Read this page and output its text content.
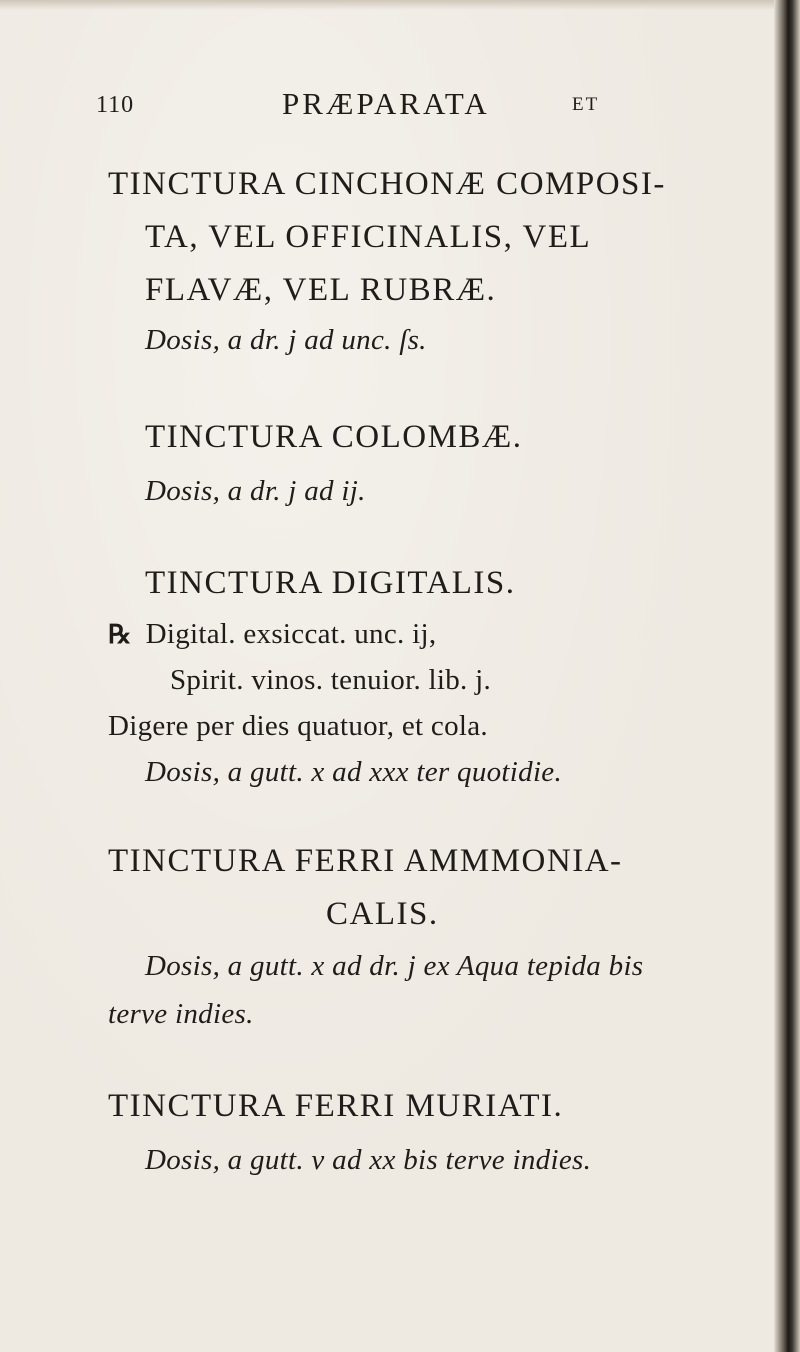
110	PRÆPARATA	ET
TINCTURA CINCHONÆ COMPOSI-
TA, VEL OFFICINALIS, VEL
FLAVÆ, VEL RUBRÆ.
Dosis, a dr. j ad unc. ſs.
TINCTURA COLOMBÆ.
Dosis, a dr. j ad ij.
TINCTURA DIGITALIS.
℞ Digital. exsiccat. unc. ij,
Spirit. vinos. tenuior. lib. j.
Digere per dies quatuor, et cola.
Dosis, a gutt. x ad xxx ter quotidie.
TINCTURA FERRI AMMMONIA-
CALIS.
Dosis, a gutt. x ad dr. j ex Aqua tepida bis
terve indies.
TINCTURA FERRI MURIATI.
Dosis, a gutt. v ad xx bis terve indies.
